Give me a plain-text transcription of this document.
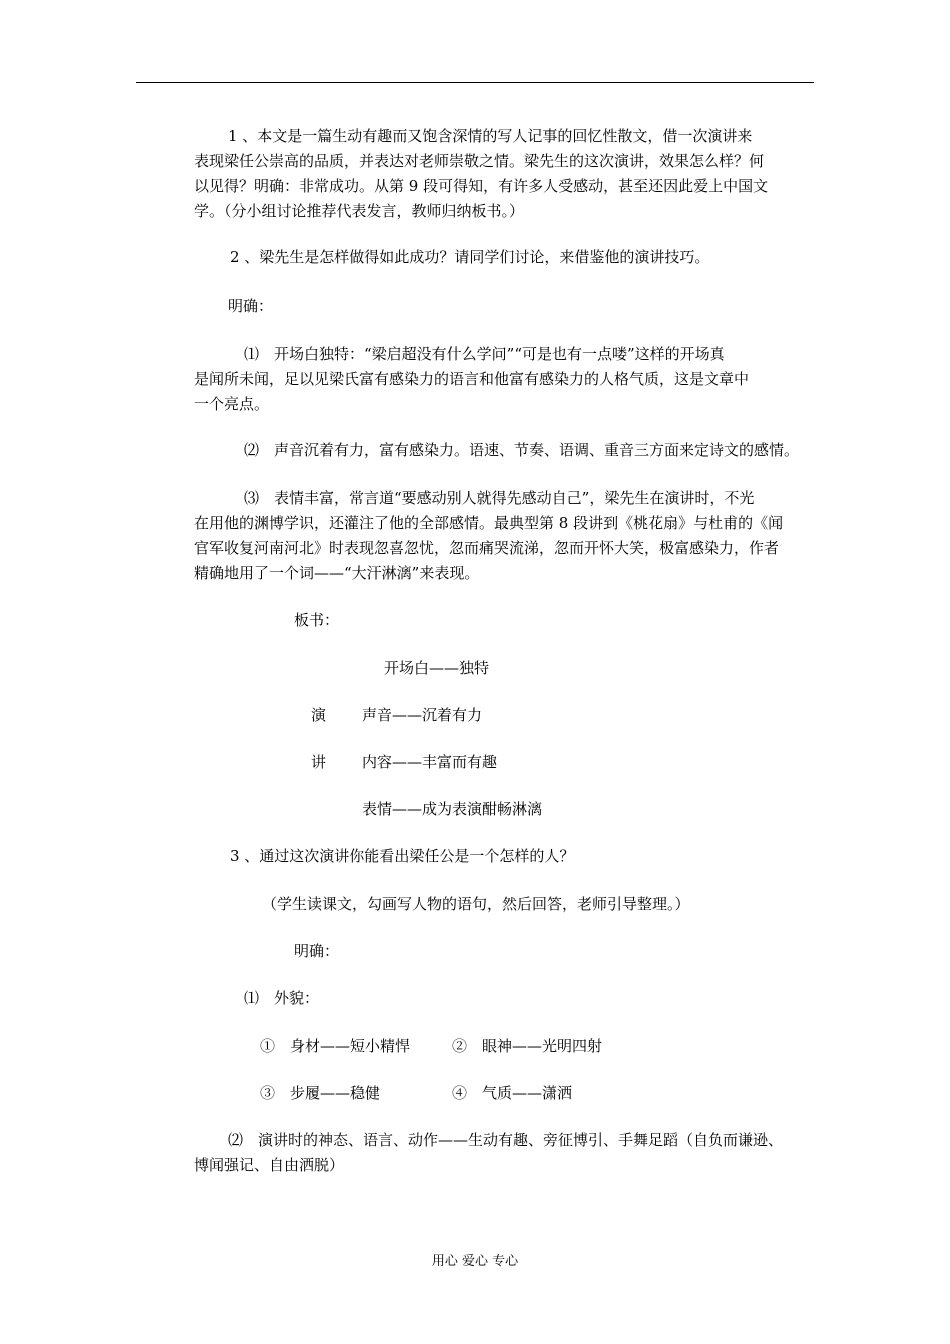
1 、本文是一篇生动有趣而又饱含深情的写人记事的回忆性散文，借一次演讲来
表现梁任公崇高的品质，并表达对老师崇敬之情。梁先生的这次演讲，效果怎么样？何
以见得？明确：非常成功。从第 9 段可得知，有许多人受感动，甚至还因此爱上中国文
学。（分小组讨论推荐代表发言，教师归纳板书。）
2 、梁先生是怎样做得如此成功？请同学们讨论，来借鉴他的演讲技巧。
明确：
⑴　开场白独特：“梁启超没有什么学问”“可是也有一点喽”这样的开场真
是闻所未闻，足以见梁氏富有感染力的语言和他富有感染力的人格气质，这是文章中
一个亮点。
⑵　声音沉着有力，富有感染力。语速、节奏、语调、重音三方面来定诗文的感情。
⑶　表情丰富，常言道“要感动别人就得先感动自己”，梁先生在演讲时，不光
在用他的渊博学识，还灌注了他的全部感情。最典型第 8 段讲到《桃花扇》与杜甫的《闻
官军收复河南河北》时表现忽喜忽忧，忽而痛哭流涕，忽而开怀大笑，极富感染力，作者
精确地用了一个词——“大汗淋漓”来表现。
板书：
开场白——独特
演 声音——沉着有力
讲 内容——丰富而有趣
表情——成为表演酣畅淋漓
3 、通过这次演讲你能看出梁任公是一个怎样的人？
（学生读课文，勾画写人物的语句，然后回答，老师引导整理。）
明确：
⑴　外貌：
①　身材——短小精悍	②　眼神——光明四射
③　步履——稳健	④　气质——潇洒
⑵　演讲时的神态、语言、动作——生动有趣、旁征博引、手舞足蹈（自负而谦逊、
博闻强记、自由洒脱）
用心 爱心 专心
